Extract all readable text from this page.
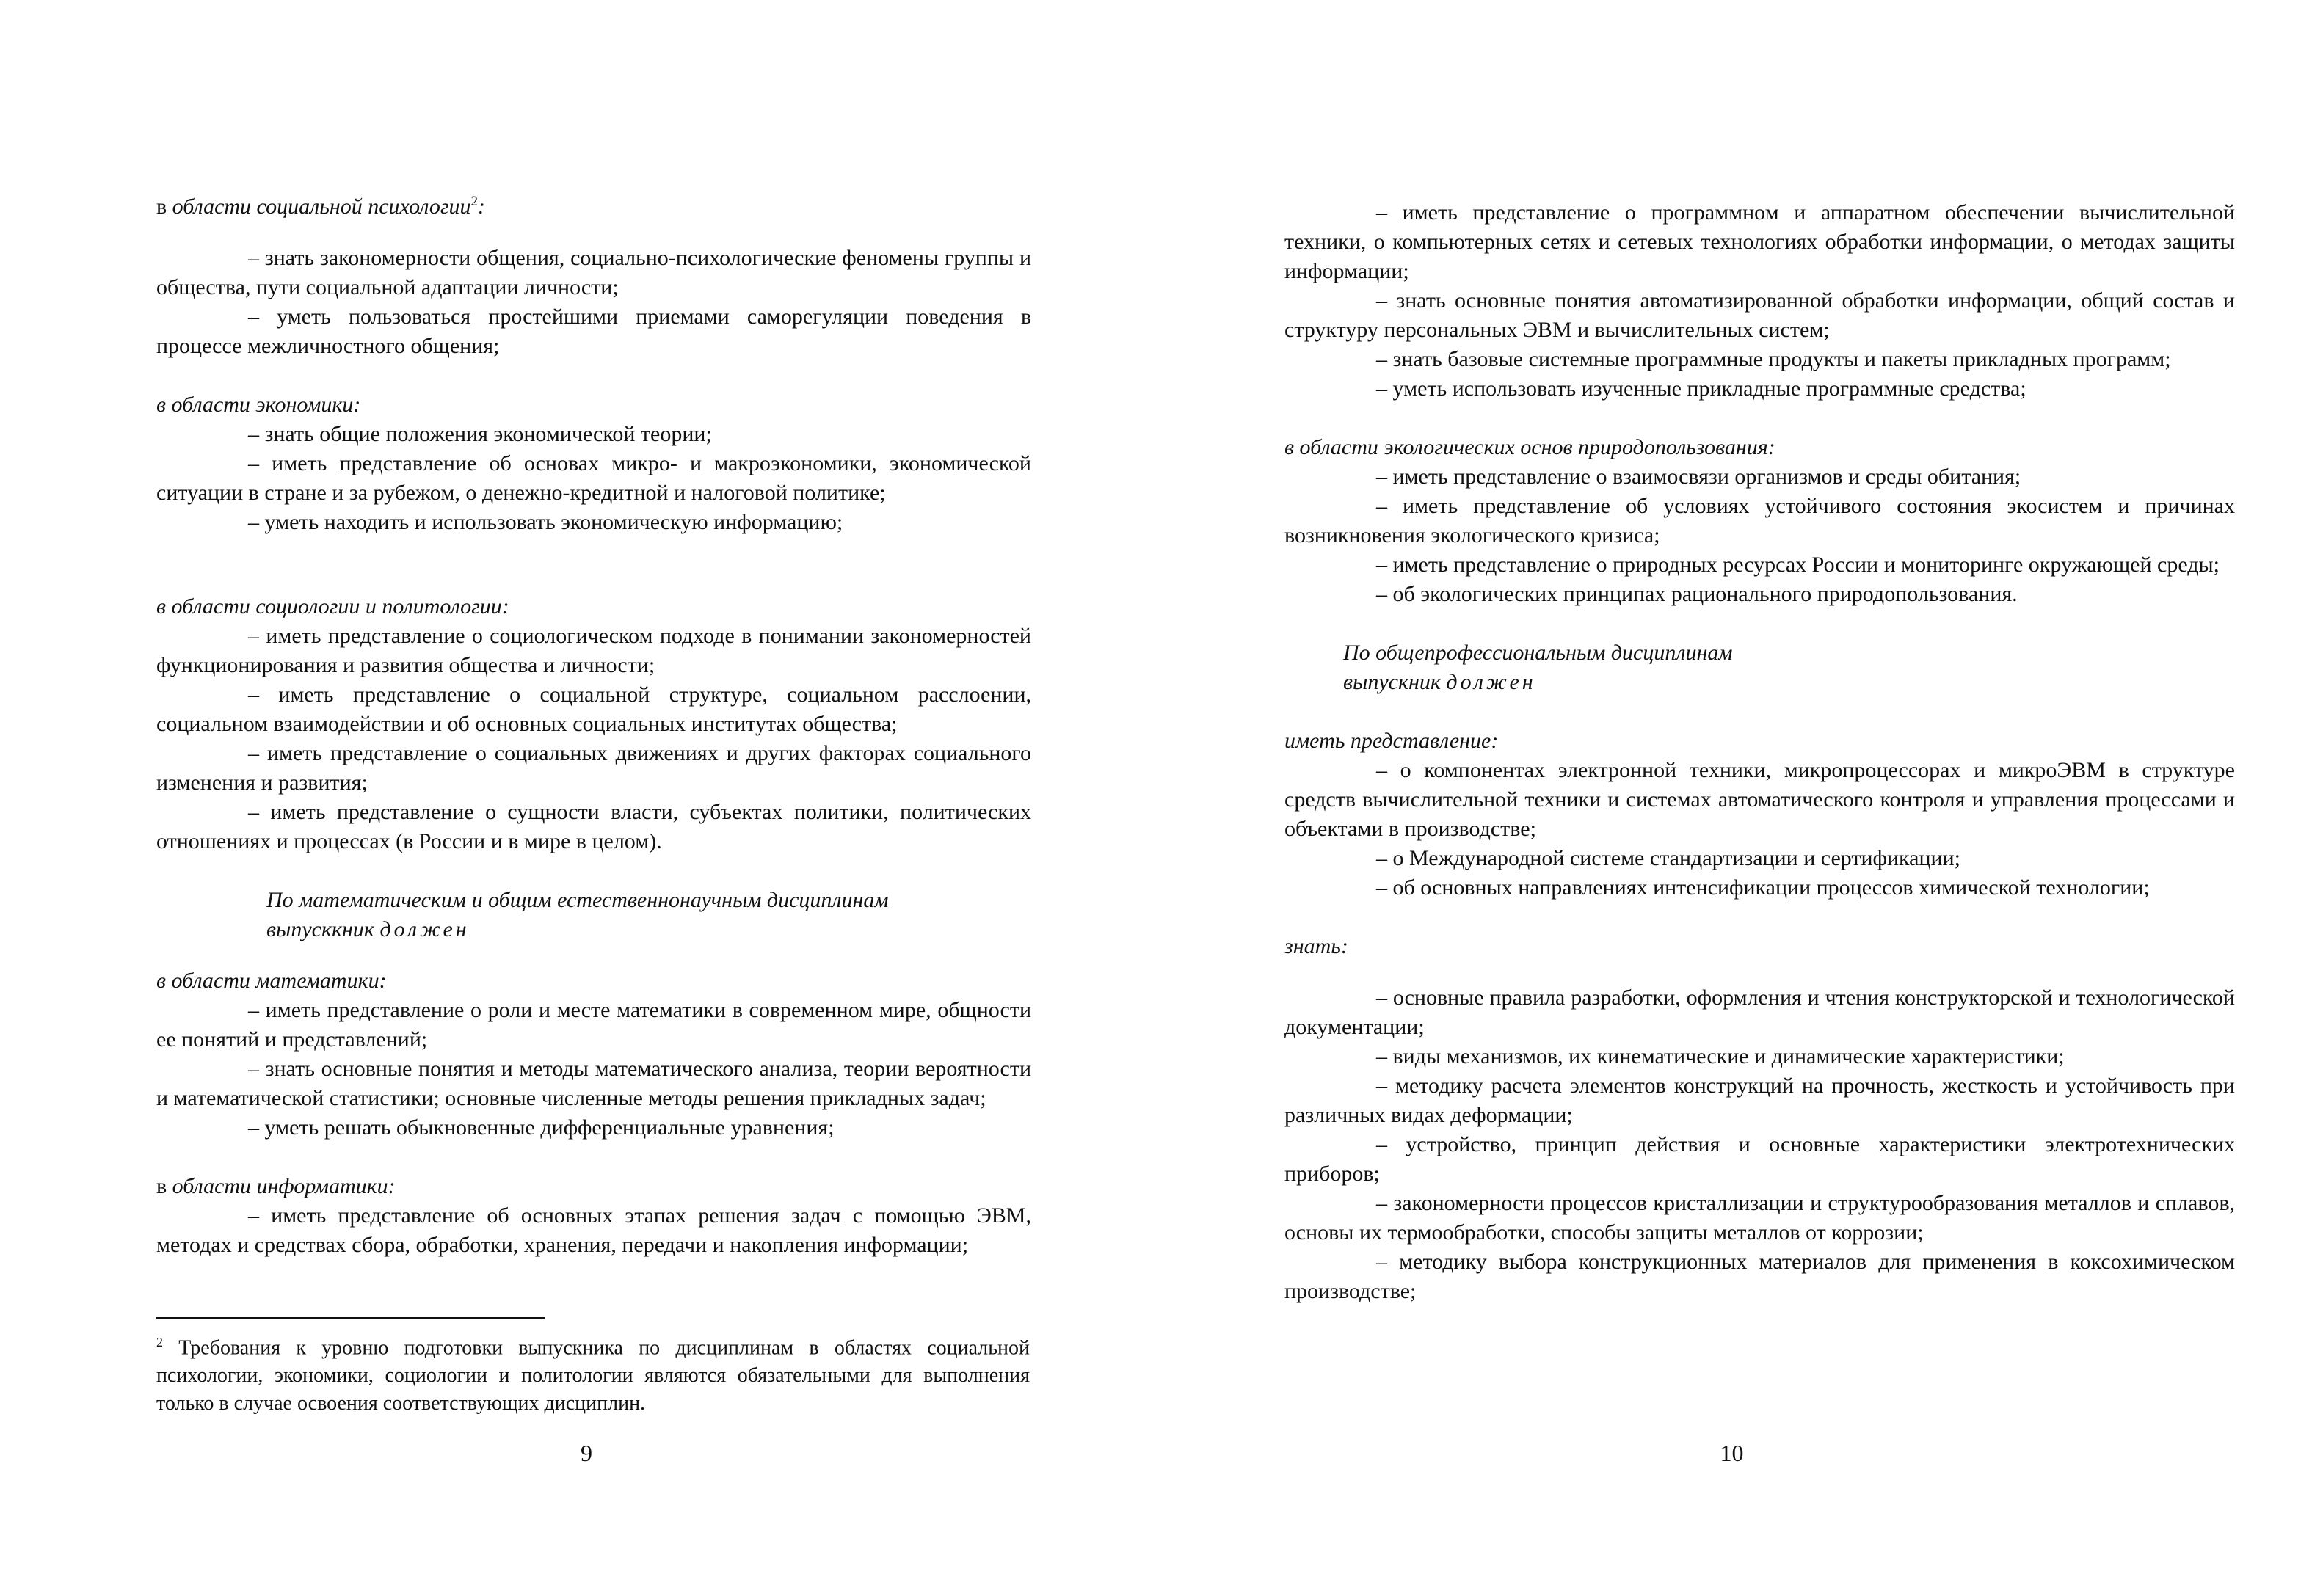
в области социальной психологии$^2$:

– знать закономерности общения, социально-психологические феномены группы и общества, пути социальной адаптации личности;

– уметь пользоваться простейшими приемами саморегуляции поведения в процессе межличностного общения;

в области экономики:

– знать общие положения экономической теории;

– иметь представление об основах микро- и макроэкономики, экономической ситуации в стране и за рубежом, о денежно-кредитной и налоговой политике;

– уметь находить и использовать экономическую информацию;

в области социологии и политологии:

– иметь представление о социологическом подходе в понимании закономерностей функционирования и развития общества и личности;

– иметь представление о социальной структуре, социальном расслоении, социальном взаимодействии и об основных социальных институтах общества;

– иметь представление о социальных движениях и других факторах социального изменения и развития;

– иметь представление о сущности власти, субъектах политики, политических отношениях и процессах (в России и в мире в целом).

По математическим и общим естественнонаучным дисциплинам

выпусккник должен

в области математики:

– иметь представление о роли и месте математики в современном мире, общности ее понятий и представлений;

– знать основные понятия и методы математического анализа, теории вероятности и математической статистики; основные численные методы решения прикладных задач;

– уметь решать обыкновенные дифференциальные уравнения;

в области информатики:

– иметь представление об основных этапах решения задач с помощью ЭВМ, методах и средствах сбора, обработки, хранения, передачи и накопления информации;

$^2$ Требования к уровню подготовки выпускника по дисциплинам в областях социальной психологии, экономики, социологии и политологии являются обязательными для выполнения только в случае освоения соответствующих дисциплин.
9

– иметь представление о программном и аппаратном обеспечении вычислительной техники, о компьютерных сетях и сетевых технологиях обработки информации, о методах защиты информации;

– знать основные понятия автоматизированной обработки информации, общий состав и структуру персональных ЭВМ и вычислительных систем;

– знать базовые системные программные продукты и пакеты прикладных программ;

– уметь использовать изученные прикладные программные средства;

в области экологических основ природопользования:

– иметь представление о взаимосвязи организмов и среды обитания;

– иметь представление об условиях устойчивого состояния экосистем и причинах возникновения экологического кризиса;

– иметь представление о природных ресурсах России и мониторинге окружающей среды;

– об экологических принципах рационального природопользования.

По общепрофессиональным дисциплинам

выпускник должен

иметь представление:

– о компонентах электронной техники, микропроцессорах и микроЭВМ в структуре средств вычислительной техники и системах автоматического контроля и управления процессами и объектами в производстве;

– о Международной системе стандартизации и сертификации;

– об основных направлениях интенсификации процессов химической технологии;

знать:

– основные правила разработки, оформления и чтения конструкторской и технологической документации;

– виды механизмов, их кинематические и динамические характеристики;

– методику расчета элементов конструкций на прочность, жесткость и устойчивость при различных видах деформации;

– устройство, принцип действия и основные характеристики электротехнических приборов;

– закономерности процессов кристаллизации и структурообразования металлов и сплавов, основы их термообработки, способы защиты металлов от коррозии;

– методику выбора конструкционных материалов для применения в коксохимическом производстве;

10
